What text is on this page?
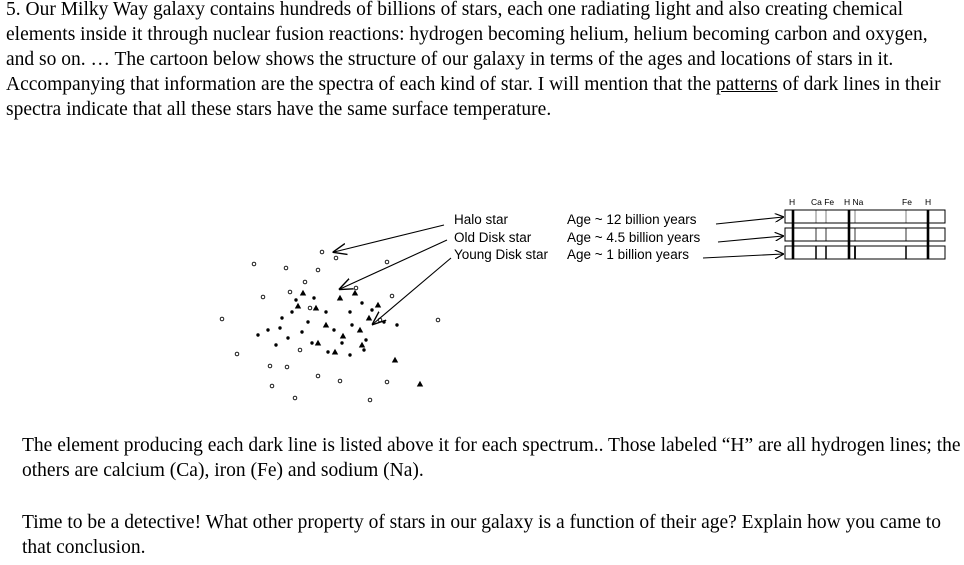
5. Our Milky Way galaxy contains hundreds of billions of stars, each one radiating light and also creating chemical elements inside it through nuclear fusion reactions: hydrogen becoming helium, helium becoming carbon and oxygen, and so on. … The cartoon below shows the structure of our galaxy in terms of the ages and locations of stars in it. Accompanying that information are the spectra of each kind of star. I will mention that the patterns of dark lines in their spectra indicate that all these stars have the same surface temperature.
Halo star
Old Disk star
Young Disk star
Age ~ 12 billion years
Age ~ 4.5 billion years
Age ~ 1 billion years
H Ca Fe H Na	Fe H
The element producing each dark line is listed above it for each spectrum.. Those labeled “H” are all hydrogen lines; the others are calcium (Ca), iron (Fe) and sodium (Na).
Time to be a detective! What other property of stars in our galaxy is a function of their age? Explain how you came to that conclusion.
